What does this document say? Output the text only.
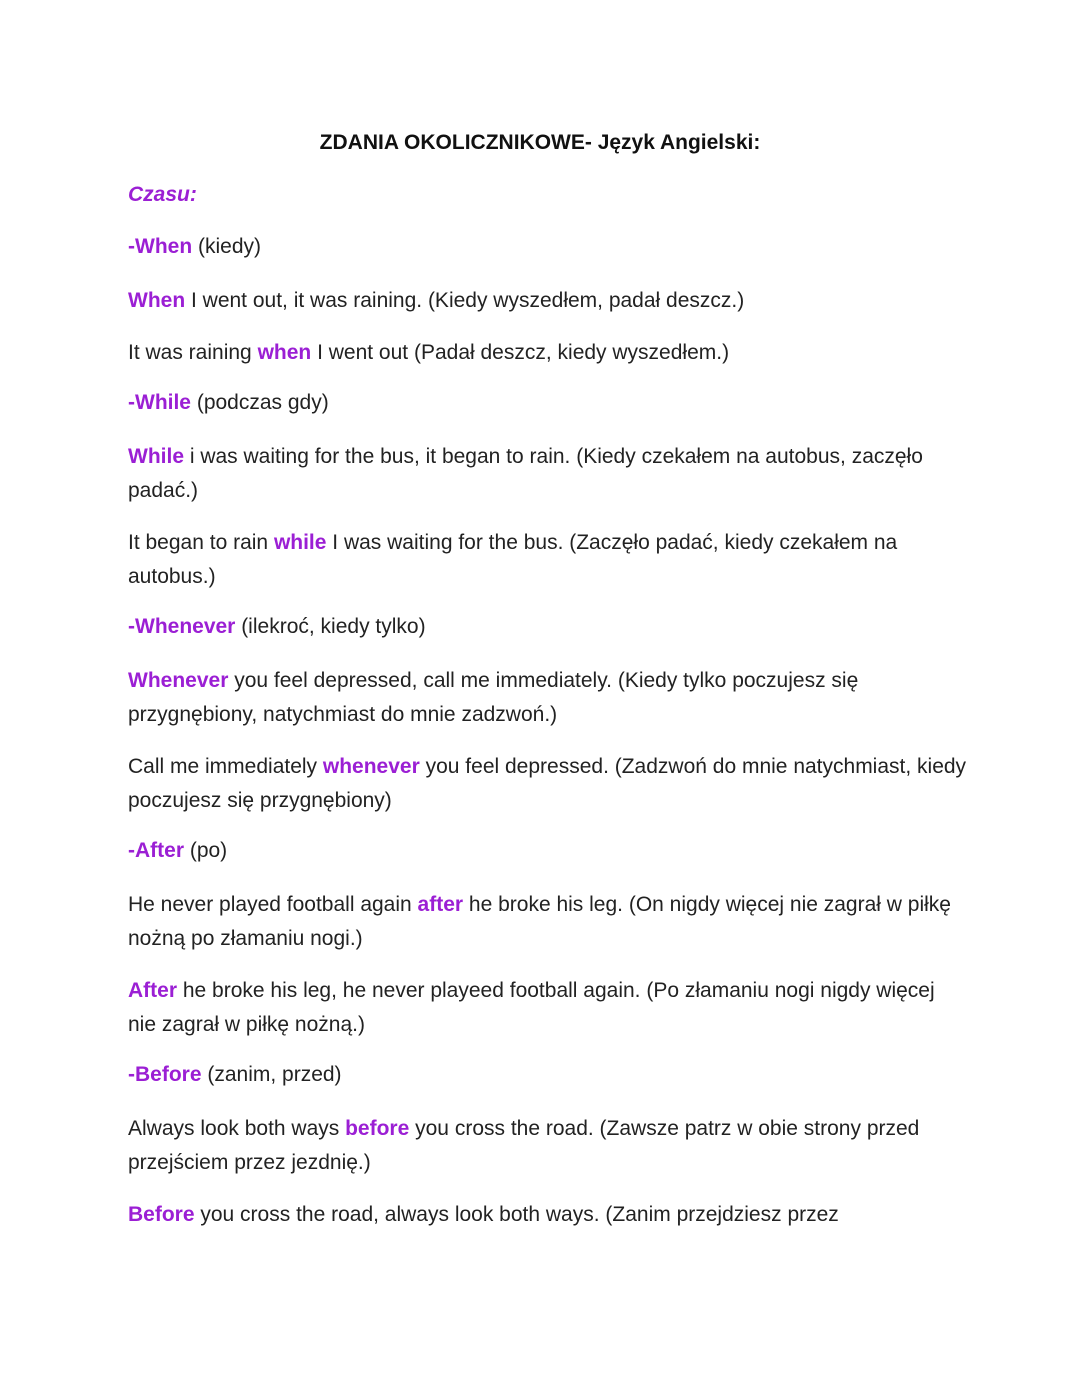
ZDANIA OKOLICZNIKOWE- Język Angielski:

Czasu:

-When (kiedy)

When I went out, it was raining. (Kiedy wyszedłem, padał deszcz.)

It was raining when I went out (Padał deszcz, kiedy wyszedłem.)

-While (podczas gdy)

While i was waiting for the bus, it began to rain. (Kiedy czekałem na autobus, zaczęło padać.)

It began to rain while I was waiting for the bus. (Zaczęło padać, kiedy czekałem na autobus.)

-Whenever (ilekroć, kiedy tylko)

Whenever you feel depressed, call me immediately. (Kiedy tylko poczujesz się przygnębiony, natychmiast do mnie zadzwoń.)

Call me immediately whenever you feel depressed. (Zadzwoń do mnie natychmiast, kiedy poczujesz się przygnębiony)

-After (po)

He never played football again after he broke his leg. (On nigdy więcej nie zagrał w piłkę nożną po złamaniu nogi.)

After he broke his leg, he never playeed football again. (Po złamaniu nogi nigdy więcej nie zagrał w piłkę nożną.)

-Before (zanim, przed)

Always look both ways before you cross the road. (Zawsze patrz w obie strony przed przejściem przez jezdnię.)

Before you cross the road, always look both ways. (Zanim przejdziesz przez
